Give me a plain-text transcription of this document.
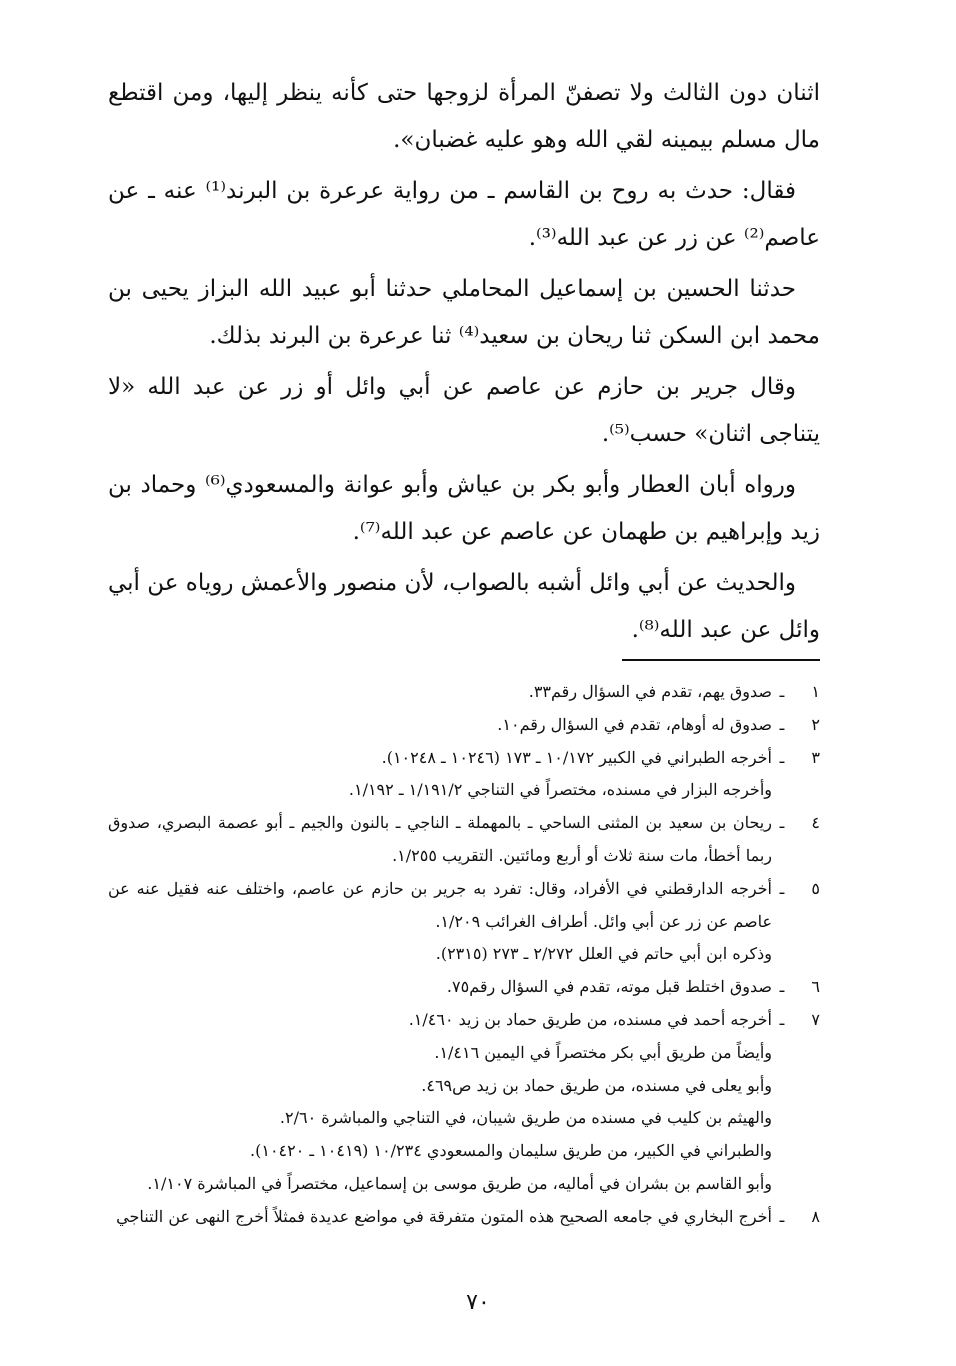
اثنان دون الثالث ولا تصفنّ المرأة لزوجها حتى كأنه ينظر إليها، ومن اقتطع مال مسلم بيمينه لقي الله وهو عليه غضبان».

فقال: حدث به روح بن القاسم ـ من رواية عرعرة بن البرند⁽¹⁾ عنه ـ عن عاصم⁽²⁾ عن زر عن عبد الله⁽³⁾.

حدثنا الحسين بن إسماعيل المحاملي حدثنا أبو عبيد الله البزاز يحيى بن محمد ابن السكن ثنا ريحان بن سعيد⁽⁴⁾ ثنا عرعرة بن البرند بذلك.

وقال جرير بن حازم عن عاصم عن أبي وائل أو زر عن عبد الله «لا يتناجى اثنان» حسب⁽⁵⁾.

ورواه أبان العطار وأبو بكر بن عياش وأبو عوانة والمسعودي⁽⁶⁾ وحماد بن زيد وإبراهيم بن طهمان عن عاصم عن عبد الله⁽⁷⁾.

والحديث عن أبي وائل أشبه بالصواب، لأن منصور والأعمش روياه عن أبي وائل عن عبد الله⁽⁸⁾.

١
ـ
صدوق يهم، تقدم في السؤال رقم٣٣.
٢
ـ
صدوق له أوهام، تقدم في السؤال رقم١٠.
٣
ـ
أخرجه الطبراني في الكبير ١٠/١٧٢ ـ ١٧٣ (١٠٢٤٦ ـ ١٠٢٤٨).
وأخرجه البزار في مسنده، مختصراً في التناجي ١/١٩١/٢ ـ ١/١٩٢.
٤
ـ
ريحان بن سعيد بن المثنى الساحي ـ بالمهملة ـ الناجي ـ بالنون والجيم ـ أبو عصمة البصري، صدوق ربما أخطأ، مات سنة ثلاث أو أربع ومائتين. التقريب ١/٢٥٥.
٥
ـ
أخرجه الدارقطني في الأفراد، وقال: تفرد به جرير بن حازم عن عاصم، واختلف عنه فقيل عنه عن عاصم عن زر عن أبي وائل. أطراف الغرائب ١/٢٠٩.
وذكره ابن أبي حاتم في العلل ٢/٢٧٢ ـ ٢٧٣ (٢٣١٥).
٦
ـ
صدوق اختلط قبل موته، تقدم في السؤال رقم٧٥.
٧
ـ
أخرجه أحمد في مسنده، من طريق حماد بن زيد ١/٤٦٠.
وأيضاً من طريق أبي بكر مختصراً في اليمين ١/٤١٦.
وأبو يعلى في مسنده، من طريق حماد بن زيد ص٤٦٩.
والهيثم بن كليب في مسنده من طريق شيبان، في التناجي والمباشرة ٢/٦٠.
والطبراني في الكبير، من طريق سليمان والمسعودي ١٠/٢٣٤ (١٠٤١٩ ـ ١٠٤٢٠).
وأبو القاسم بن بشران في أماليه، من طريق موسى بن إسماعيل، مختصراً في المباشرة ١/١٠٧.
٨
ـ
أخرج البخاري في جامعه الصحيح هذه المتون متفرقة في مواضع عديدة فمثلاً أخرج النهى عن التناجي
٧٠
